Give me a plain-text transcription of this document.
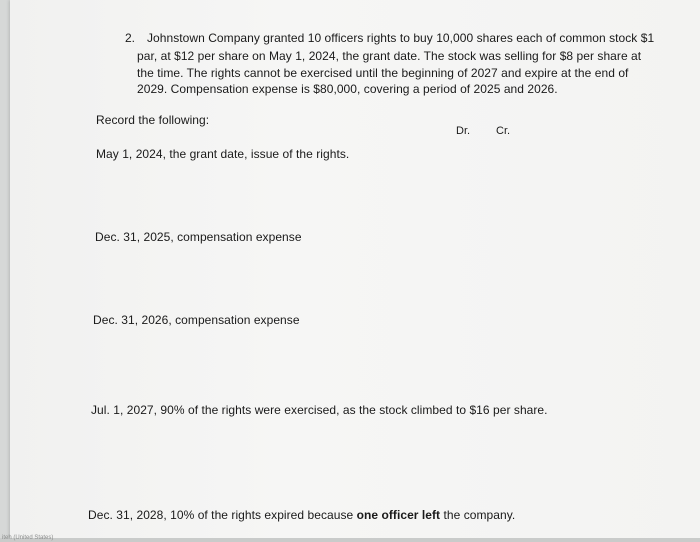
2. Johnstown Company granted 10 officers rights to buy 10,000 shares each of common stock $1
par, at $12 per share on May 1, 2024, the grant date. The stock was selling for $8 per share at
the time. The rights cannot be exercised until the beginning of 2027 and expire at the end of
2029. Compensation expense is $80,000, covering a period of 2025 and 2026.
Record the following:
Dr. Cr.
May 1, 2024, the grant date, issue of the rights.
Dec. 31, 2025, compensation expense
Dec. 31, 2026, compensation expense
Jul. 1, 2027, 90% of the rights were exercised, as the stock climbed to $16 per share.
Dec. 31, 2028, 10% of the rights expired because one officer left the company.
iteh (United States)
